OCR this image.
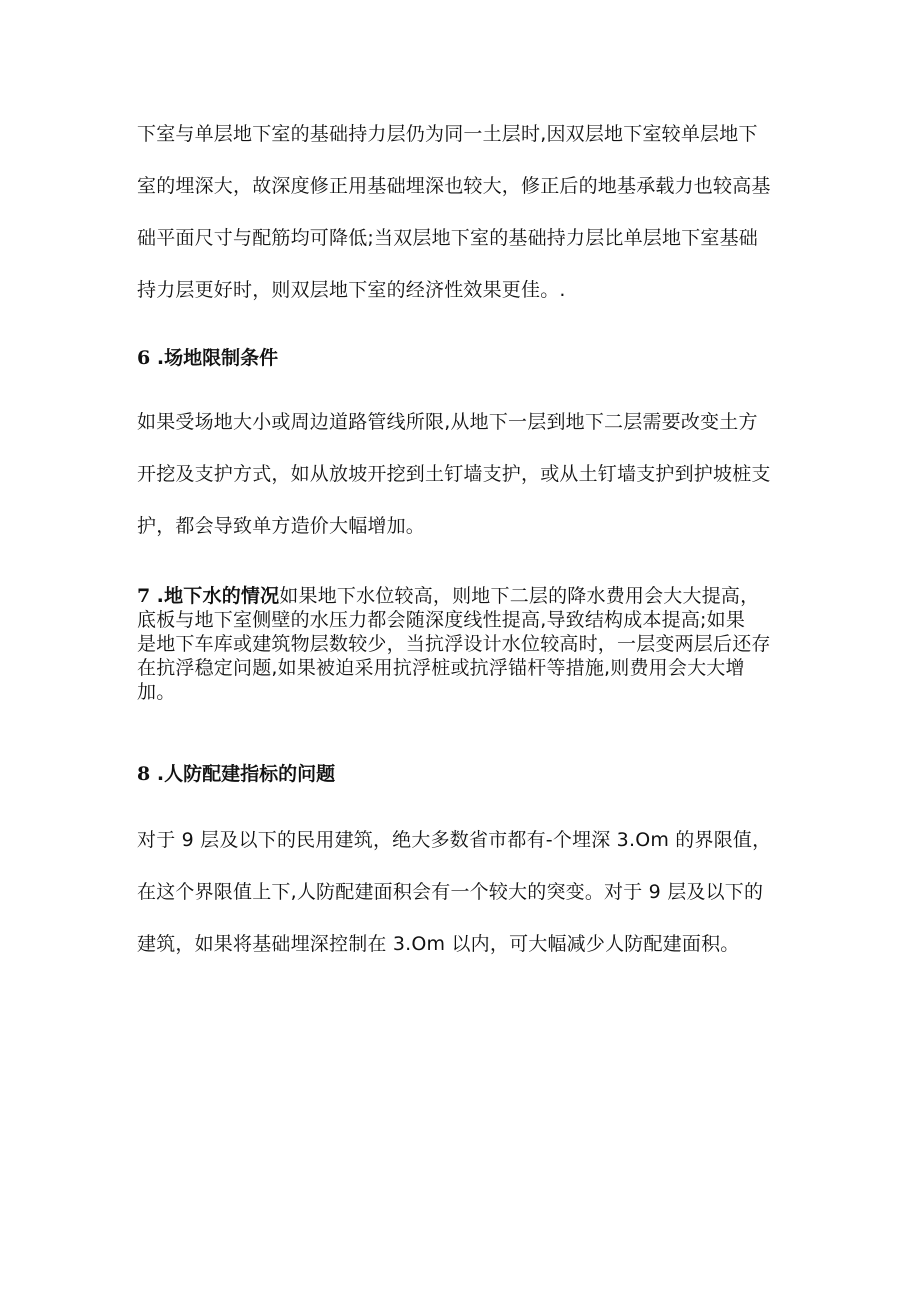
下室与单层地下室的基础持力层仍为同一土层时,因双层地下室较单层地下
室的埋深大，故深度修正用基础埋深也较大，修正后的地基承载力也较高基
础平面尺寸与配筋均可降低;当双层地下室的基础持力层比单层地下室基础
持力层更好时，则双层地下室的经济性效果更佳。.
6 .场地限制条件
如果受场地大小或周边道路管线所限,从地下一层到地下二层需要改变土方
开挖及支护方式，如从放坡开挖到土钉墙支护，或从土钉墙支护到护坡桩支
护，都会导致单方造价大幅增加。
7 .地下水的情况如果地下水位较高，则地下二层的降水费用会大大提高，
底板与地下室侧壁的水压力都会随深度线性提高,导致结构成本提高;如果
是地下车库或建筑物层数较少，当抗浮设计水位较高时，一层变两层后还存
在抗浮稳定问题,如果被迫采用抗浮桩或抗浮锚杆等措施,则费用会大大增
加。
8 .人防配建指标的问题
对于 9 层及以下的民用建筑，绝大多数省市都有-个埋深 3.Om 的界限值，
在这个界限值上下,人防配建面积会有一个较大的突变。对于 9 层及以下的
建筑，如果将基础埋深控制在 3.Om 以内，可大幅减少人防配建面积。
